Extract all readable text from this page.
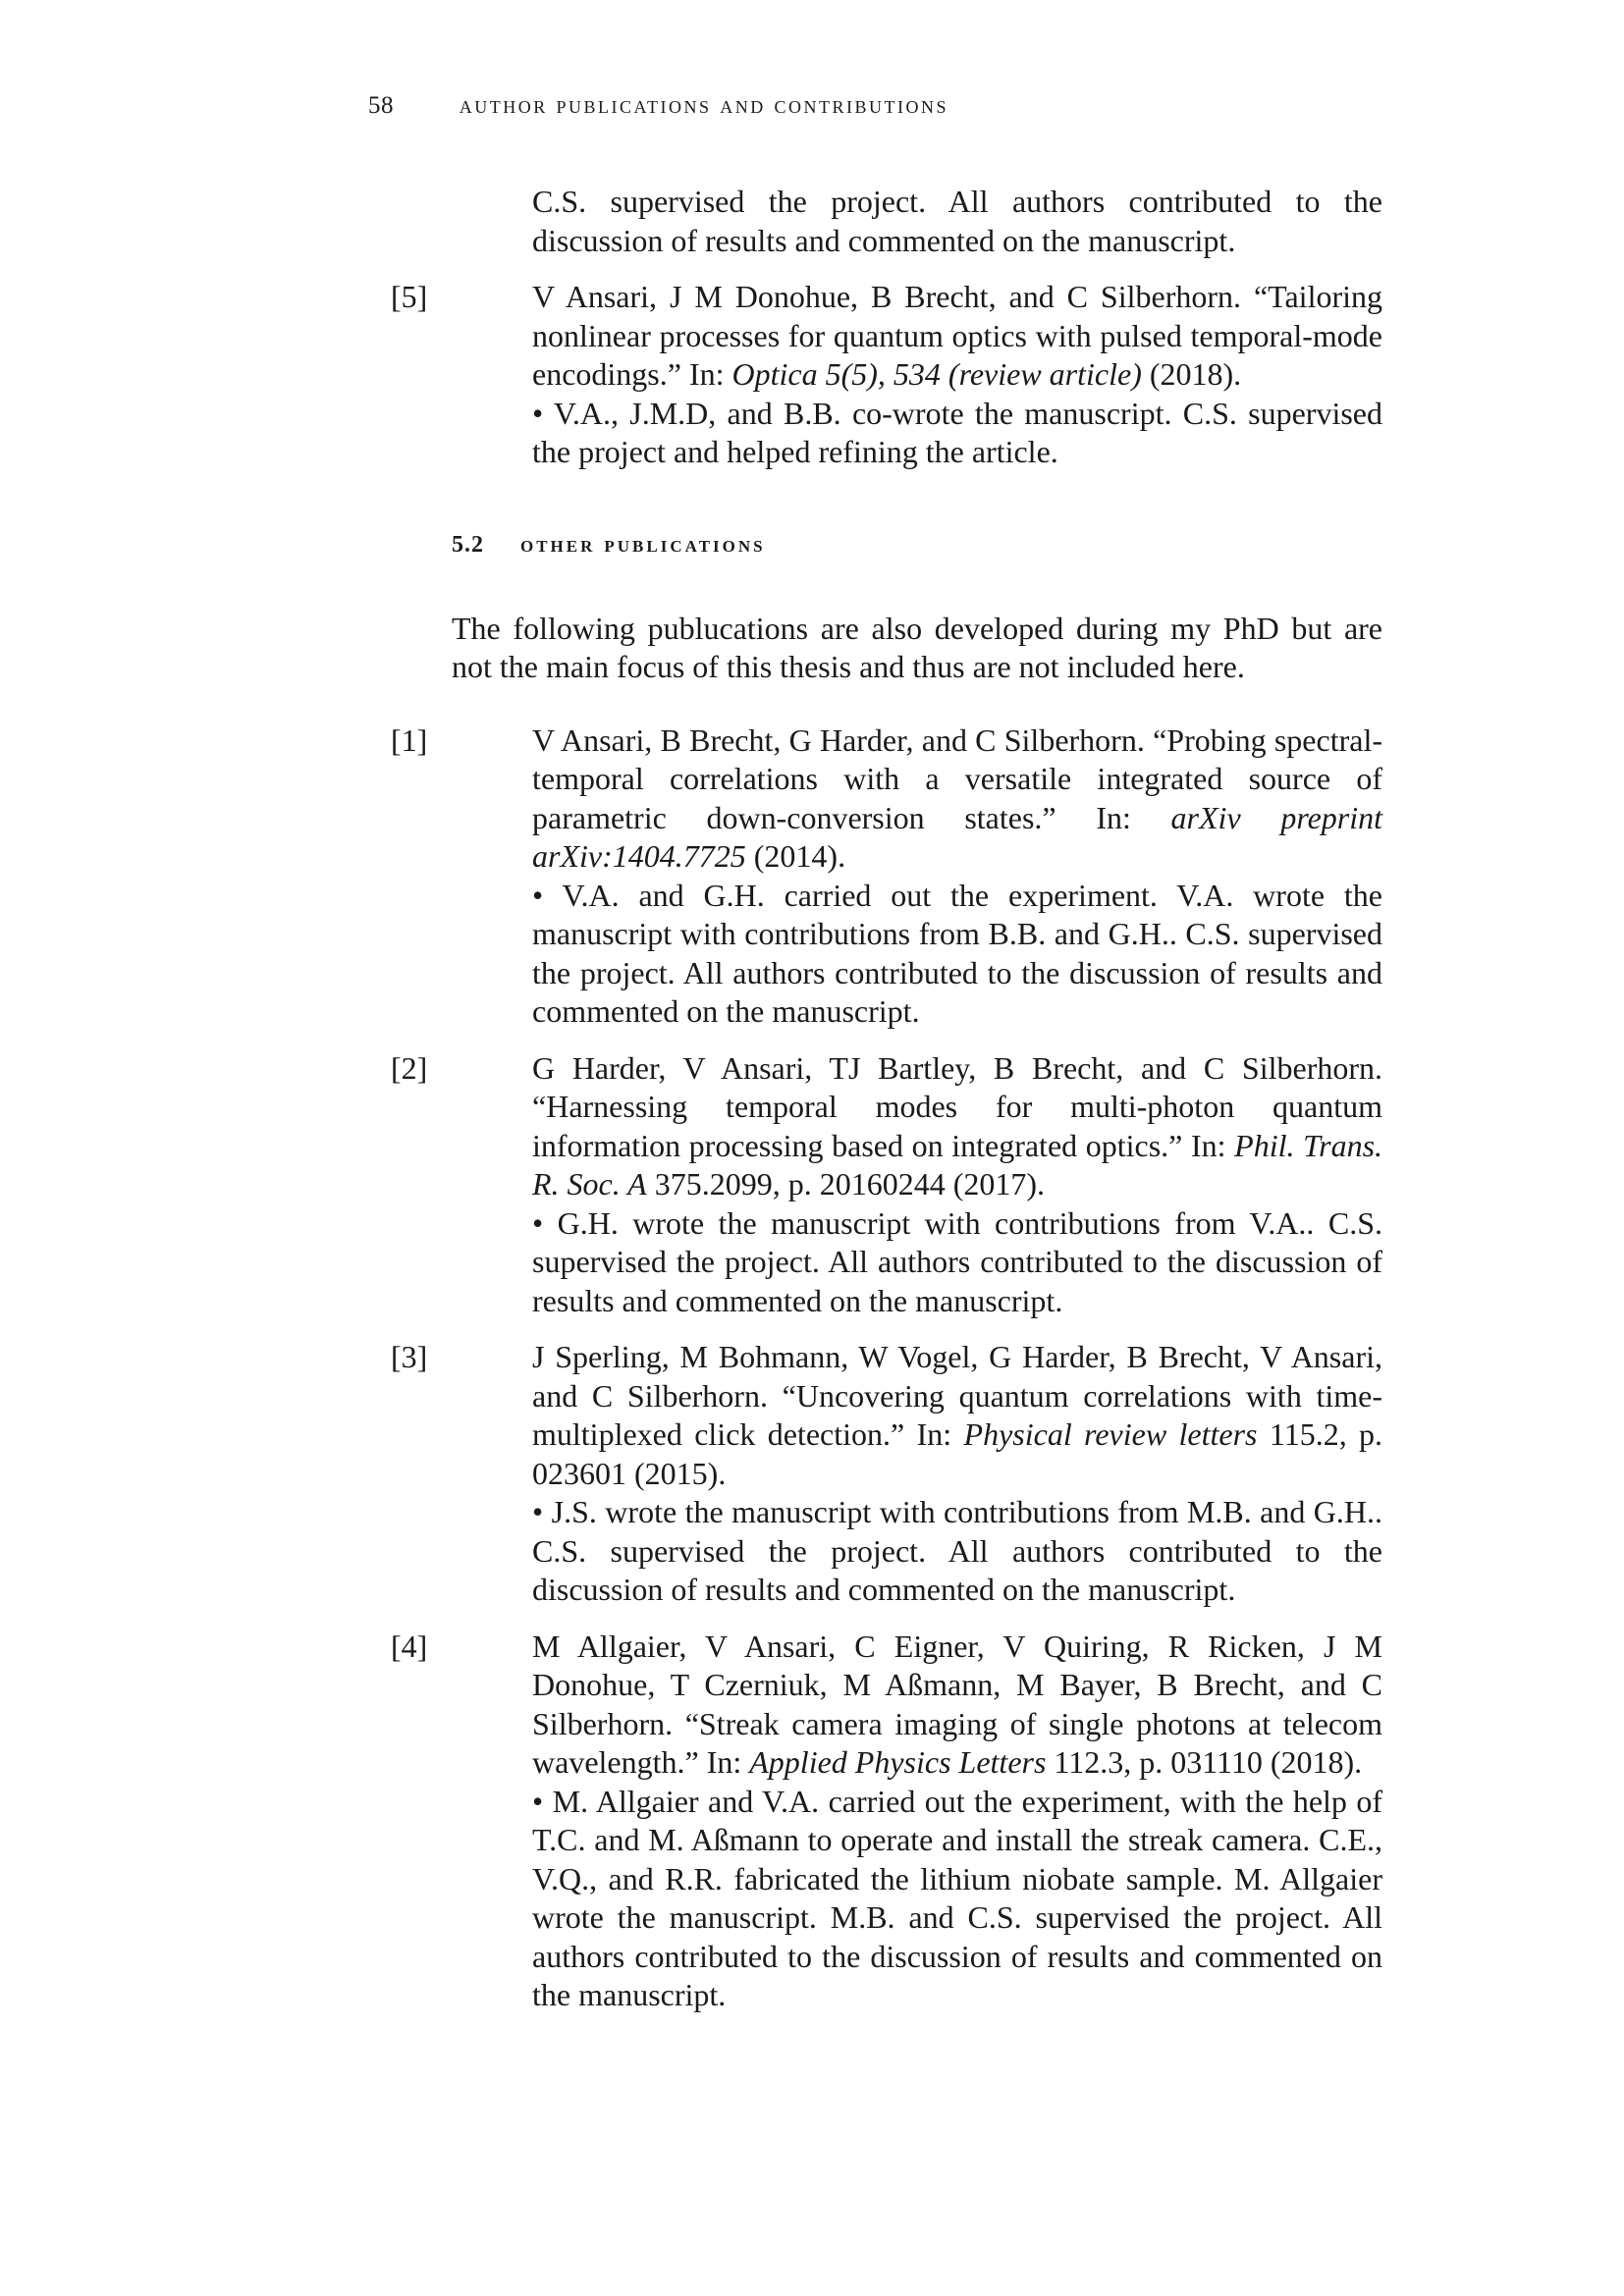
58	author publications and contributions

C.S. supervised the project. All authors contributed to the discussion of results and commented on the manuscript.

[5]	V Ansari, J M Donohue, B Brecht, and C Silberhorn. “Tailoring nonlinear processes for quantum optics with pulsed temporal-mode encodings.” In: Optica 5(5), 534 (review article) (2018).

• V.A., J.M.D, and B.B. co-wrote the manuscript. C.S. supervised the project and helped refining the article.

5.2 other publications

The following publucations are also developed during my PhD but are not the main focus of this thesis and thus are not included here.

[1]	V Ansari, B Brecht, G Harder, and C Silberhorn. “Probing spectral-temporal correlations with a versatile integrated source of parametric down-conversion states.” In: arXiv preprint arXiv:1404.7725 (2014).

• V.A. and G.H. carried out the experiment. V.A. wrote the manuscript with contributions from B.B. and G.H.. C.S. supervised the project. All authors contributed to the discussion of results and commented on the manuscript.

[2]	G Harder, V Ansari, TJ Bartley, B Brecht, and C Silberhorn. “Harnessing temporal modes for multi-photon quantum information processing based on integrated optics.” In: Phil. Trans. R. Soc. A 375.2099, p. 20160244 (2017).

• G.H. wrote the manuscript with contributions from V.A.. C.S. supervised the project. All authors contributed to the discussion of results and commented on the manuscript.

[3]	J Sperling, M Bohmann, W Vogel, G Harder, B Brecht, V Ansari, and C Silberhorn. “Uncovering quantum correlations with time-multiplexed click detection.” In: Physical review letters 115.2, p. 023601 (2015).

• J.S. wrote the manuscript with contributions from M.B. and G.H.. C.S. supervised the project. All authors contributed to the discussion of results and commented on the manuscript.

[4]	M Allgaier, V Ansari, C Eigner, V Quiring, R Ricken, J M Donohue, T Czerniuk, M Aßmann, M Bayer, B Brecht, and C Silberhorn. “Streak camera imaging of single photons at telecom wavelength.” In: Applied Physics Letters 112.3, p. 031110 (2018).

• M. Allgaier and V.A. carried out the experiment, with the help of T.C. and M. Aßmann to operate and install the streak camera. C.E., V.Q., and R.R. fabricated the lithium niobate sample. M. Allgaier wrote the manuscript. M.B. and C.S. supervised the project. All authors contributed to the discussion of results and commented on the manuscript.
